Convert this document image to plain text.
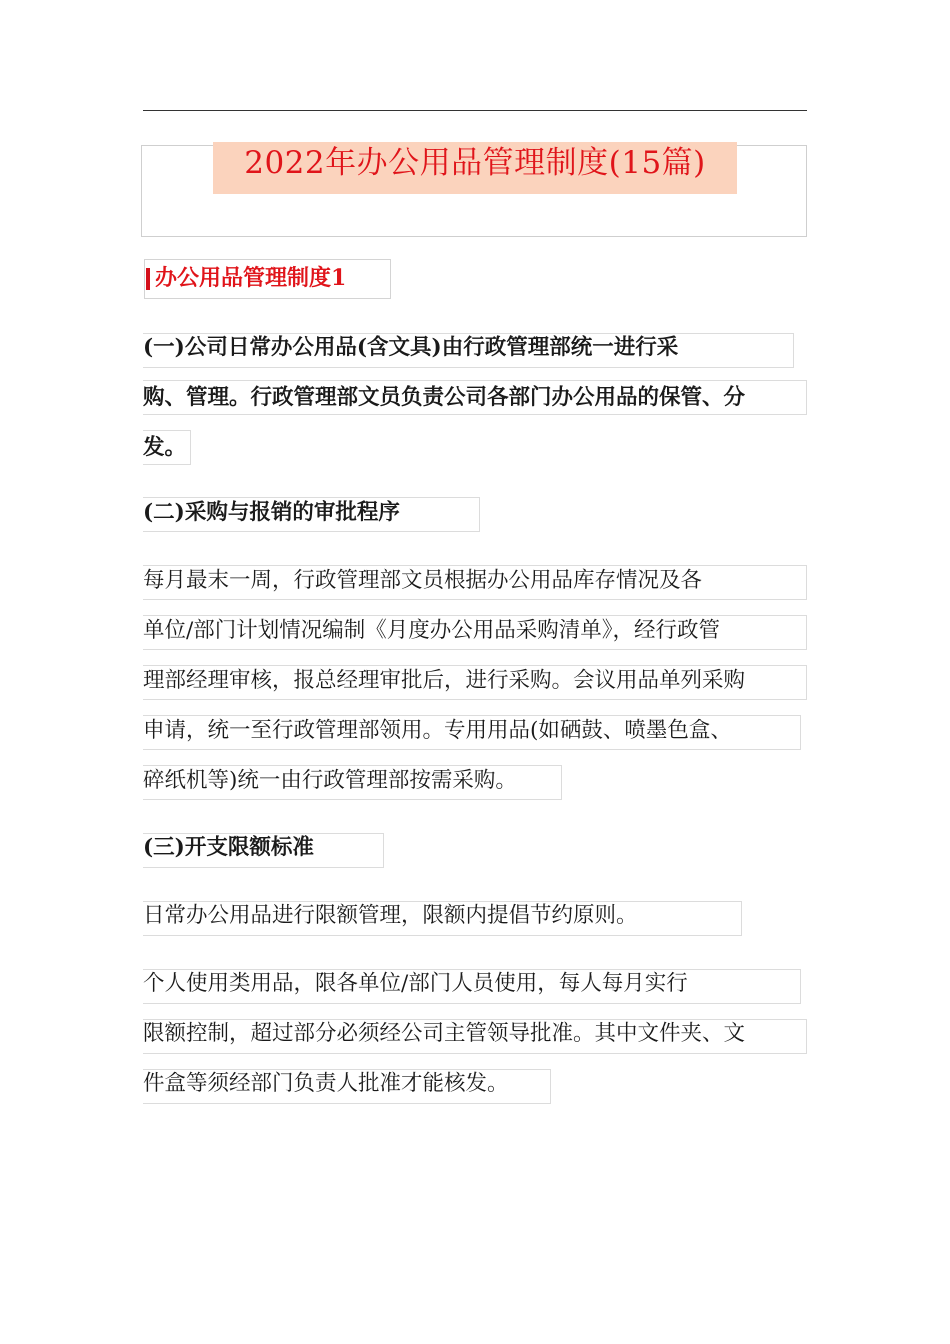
2022年办公用品管理制度(15篇)
办公用品管理制度1
(一)公司日常办公用品(含文具)由行政管理部统一进行采
购、管理。行政管理部文员负责公司各部门办公用品的保管、分
发。
(二)采购与报销的审批程序
每月最末一周，行政管理部文员根据办公用品库存情况及各
单位/部门计划情况编制《月度办公用品采购清单》，经行政管
理部经理审核，报总经理审批后，进行采购。会议用品单列采购
申请，统一至行政管理部领用。专用用品(如硒鼓、喷墨色盒、
碎纸机等)统一由行政管理部按需采购。
(三)开支限额标准
日常办公用品进行限额管理，限额内提倡节约原则。
个人使用类用品，限各单位/部门人员使用，每人每月实行
限额控制，超过部分必须经公司主管领导批准。其中文件夹、文
件盒等须经部门负责人批准才能核发。
